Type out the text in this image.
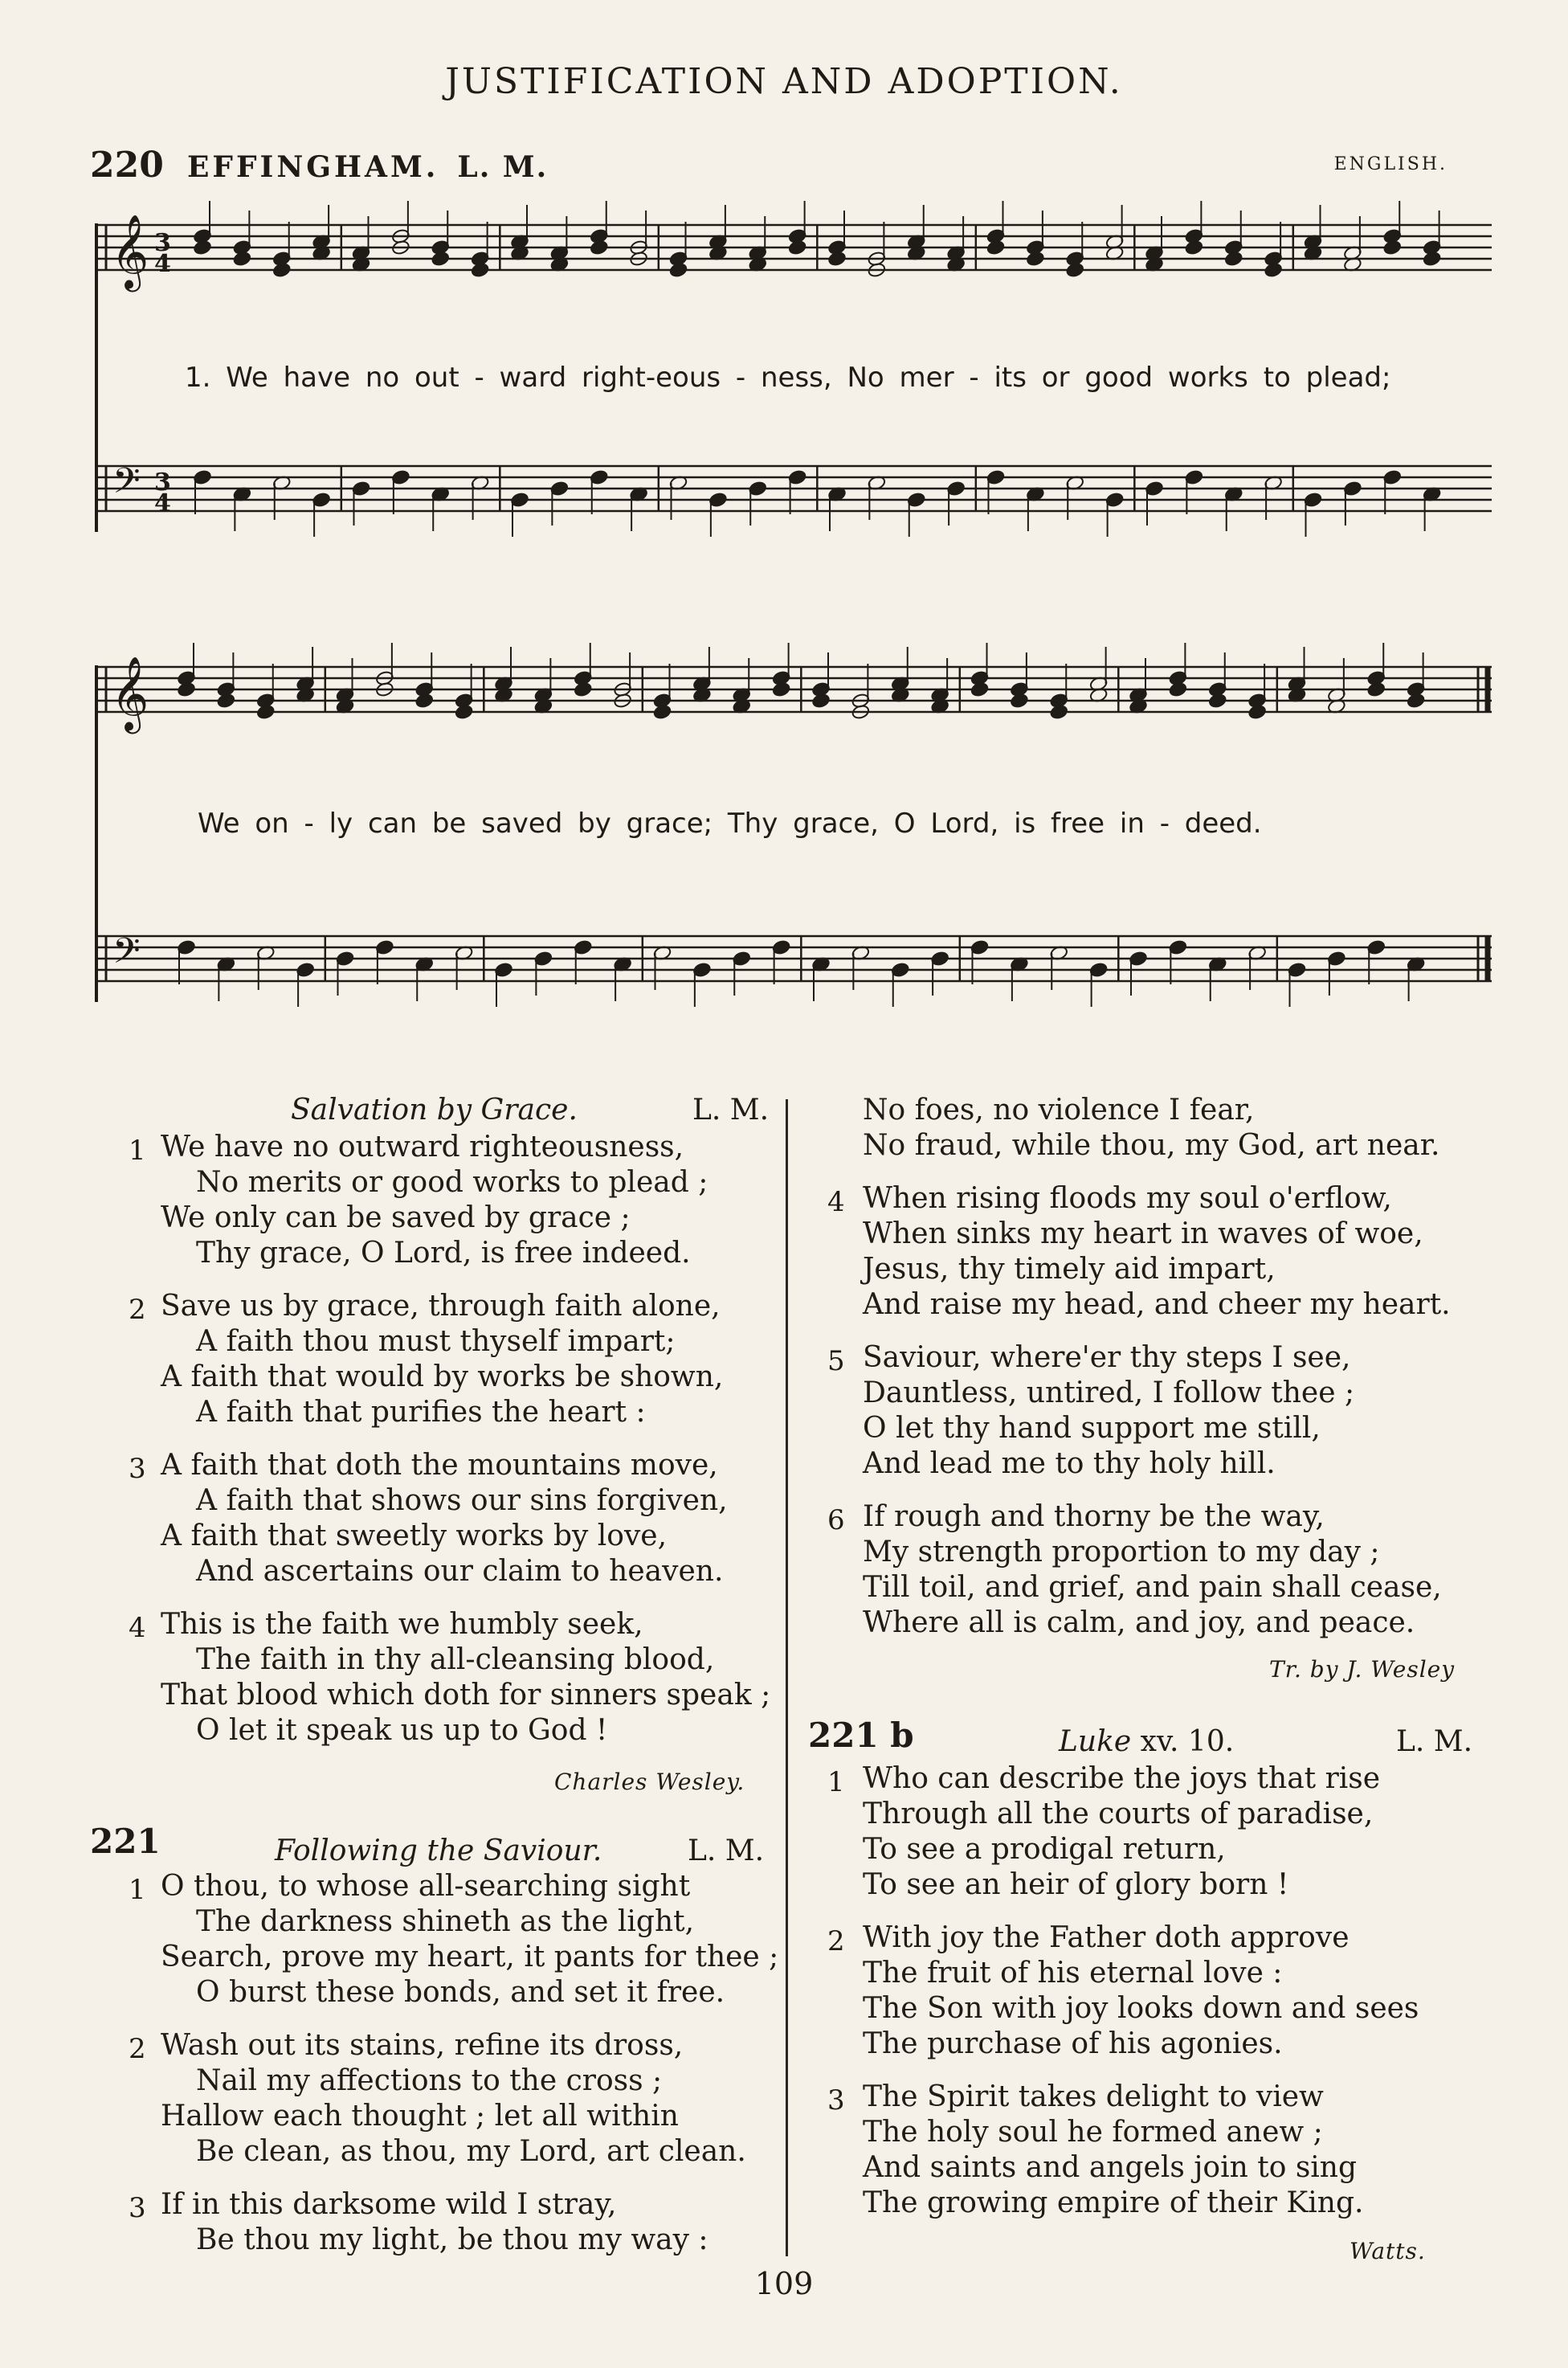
JUSTIFICATION AND ADOPTION.
220 EFFINGHAM. L. M.	ENGLISH.
𝄞
𝄢
3
4
3
4
1. We have no out - ward right-eous - ness, No mer - its or good works to plead;
𝄞
𝄢
We on - ly can be saved by grace; Thy grace, O Lord, is free in - deed.
Salvation by Grace.	L. M.
1 We have no outward righteousness,
No merits or good works to plead ;
We only can be saved by grace ;
Thy grace, O Lord, is free indeed.
2 Save us by grace, through faith alone,
A faith thou must thyself impart;
A faith that would by works be shown,
A faith that purifies the heart :
3 A faith that doth the mountains move,
A faith that shows our sins forgiven,
A faith that sweetly works by love,
And ascertains our claim to heaven.
4 This is the faith we humbly seek,
The faith in thy all-cleansing blood,
That blood which doth for sinners speak ;
O let it speak us up to God !
Charles Wesley.
221	Following the Saviour.	L. M.
1 O thou, to whose all-searching sight
The darkness shineth as the light,
Search, prove my heart, it pants for thee ;
O burst these bonds, and set it free.
2 Wash out its stains, refine its dross,
Nail my affections to the cross ;
Hallow each thought ; let all within
Be clean, as thou, my Lord, art clean.
3 If in this darksome wild I stray,
Be thou my light, be thou my way :
No foes, no violence I fear,
No fraud, while thou, my God, art near.
4 When rising floods my soul o'erflow,
When sinks my heart in waves of woe,
Jesus, thy timely aid impart,
And raise my head, and cheer my heart.
5 Saviour, where'er thy steps I see,
Dauntless, untired, I follow thee ;
O let thy hand support me still,
And lead me to thy holy hill.
6 If rough and thorny be the way,
My strength proportion to my day ;
Till toil, and grief, and pain shall cease,
Where all is calm, and joy, and peace.
Tr. by J. Wesley
221 b	Luke xv. 10.	L. M.
1 Who can describe the joys that rise
Through all the courts of paradise,
To see a prodigal return,
To see an heir of glory born !
2 With joy the Father doth approve
The fruit of his eternal love :
The Son with joy looks down and sees
The purchase of his agonies.
3 The Spirit takes delight to view
The holy soul he formed anew ;
And saints and angels join to sing
The growing empire of their King.
Watts.
109
